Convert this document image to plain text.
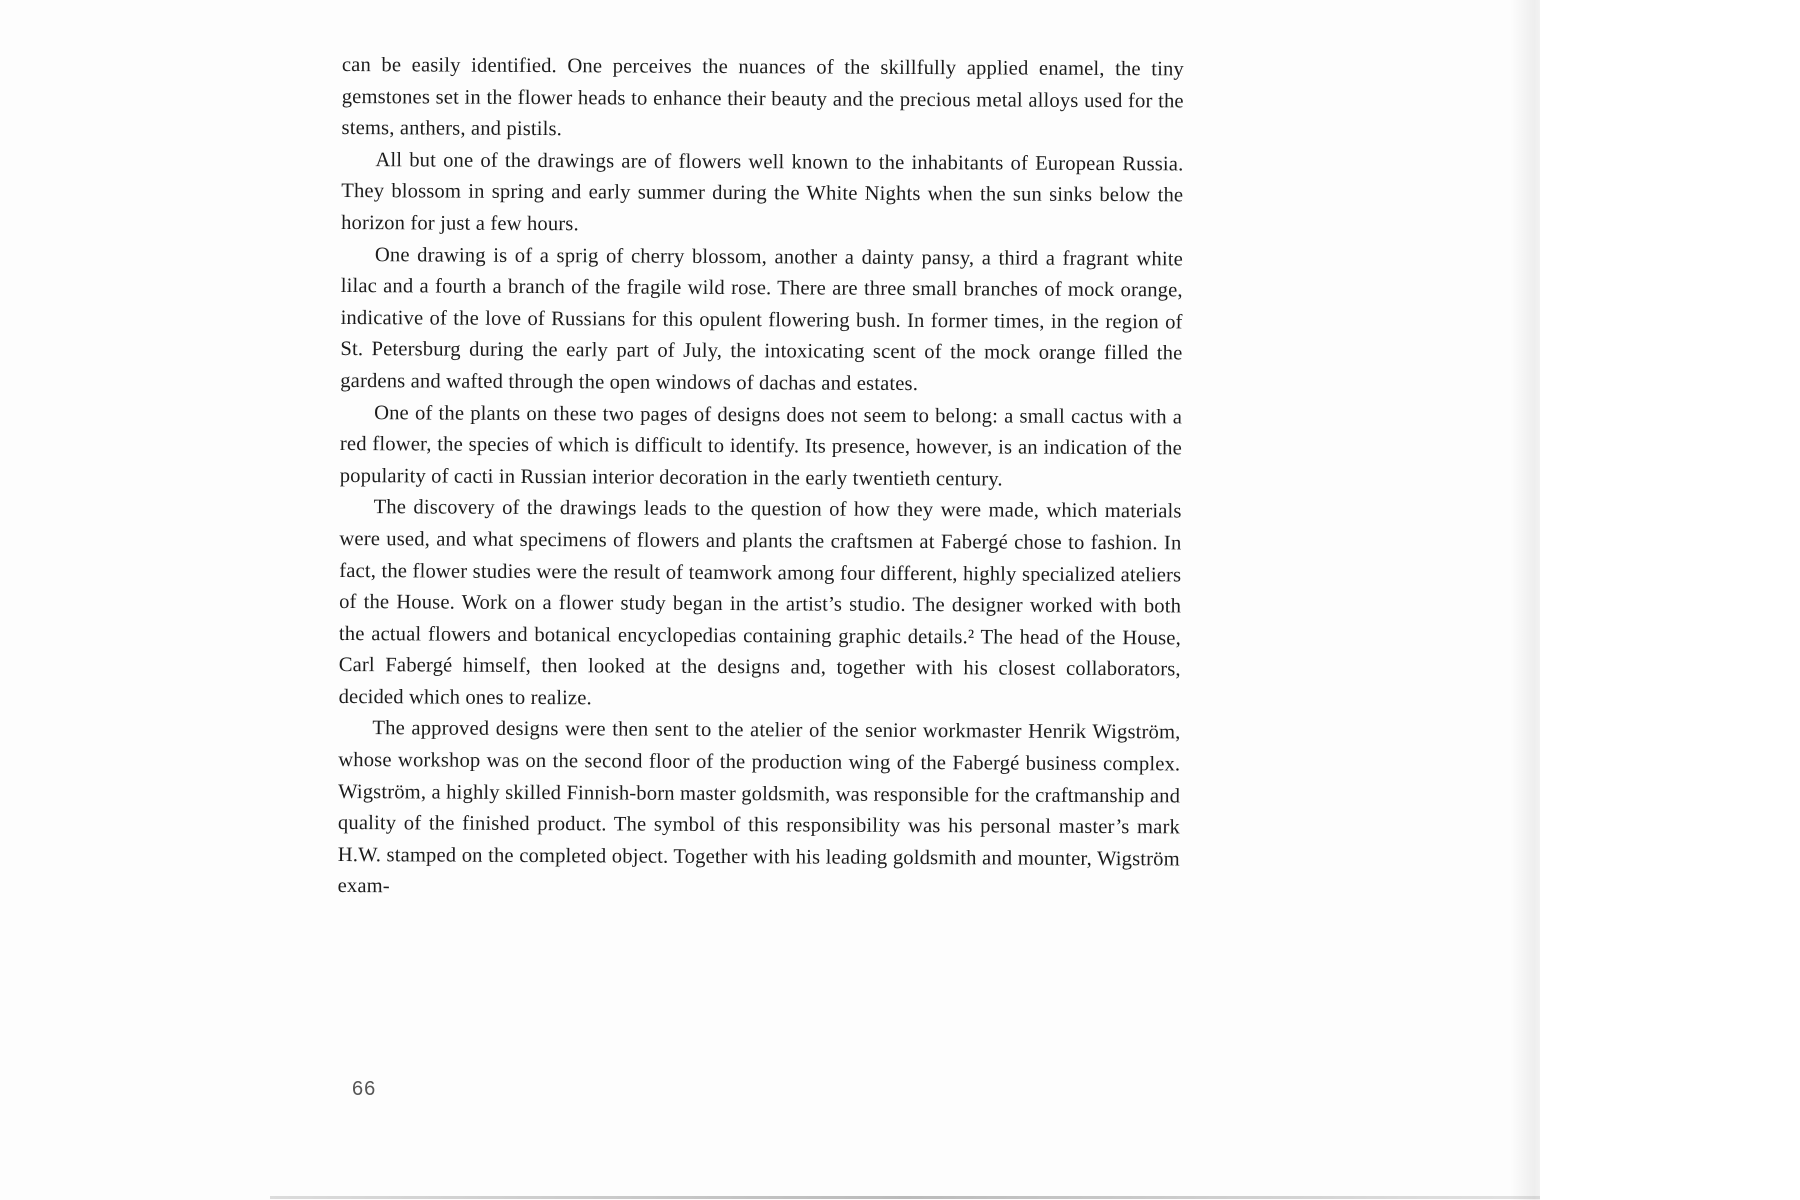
can be easily identified. One perceives the nuances of the skillfully applied enamel, the tiny gemstones set in the flower heads to enhance their beauty and the precious metal alloys used for the stems, anthers, and pistils.

All but one of the drawings are of flowers well known to the inhabitants of European Russia. They blossom in spring and early summer during the White Nights when the sun sinks below the horizon for just a few hours.

One drawing is of a sprig of cherry blossom, another a dainty pansy, a third a fragrant white lilac and a fourth a branch of the fragile wild rose. There are three small branches of mock orange, indicative of the love of Russians for this opulent flowering bush. In former times, in the region of St. Petersburg during the early part of July, the intoxicating scent of the mock orange filled the gardens and wafted through the open windows of dachas and estates.

One of the plants on these two pages of designs does not seem to belong: a small cactus with a red flower, the species of which is difficult to identify. Its presence, however, is an indication of the popularity of cacti in Russian interior decoration in the early twentieth century.

The discovery of the drawings leads to the question of how they were made, which materials were used, and what specimens of flowers and plants the craftsmen at Fabergé chose to fashion. In fact, the flower studies were the result of teamwork among four different, highly specialized ateliers of the House. Work on a flower study began in the artist’s studio. The designer worked with both the actual flowers and botanical encyclopedias containing graphic details.² The head of the House, Carl Fabergé himself, then looked at the designs and, together with his closest collaborators, decided which ones to realize.

The approved designs were then sent to the atelier of the senior workmaster Henrik Wigström, whose workshop was on the second floor of the production wing of the Fabergé business complex. Wigström, a highly skilled Finnish-born master goldsmith, was responsible for the craftmanship and quality of the finished product. The symbol of this responsibility was his personal master’s mark H.W. stamped on the completed object. Together with his leading goldsmith and mounter, Wigström exam-

66
